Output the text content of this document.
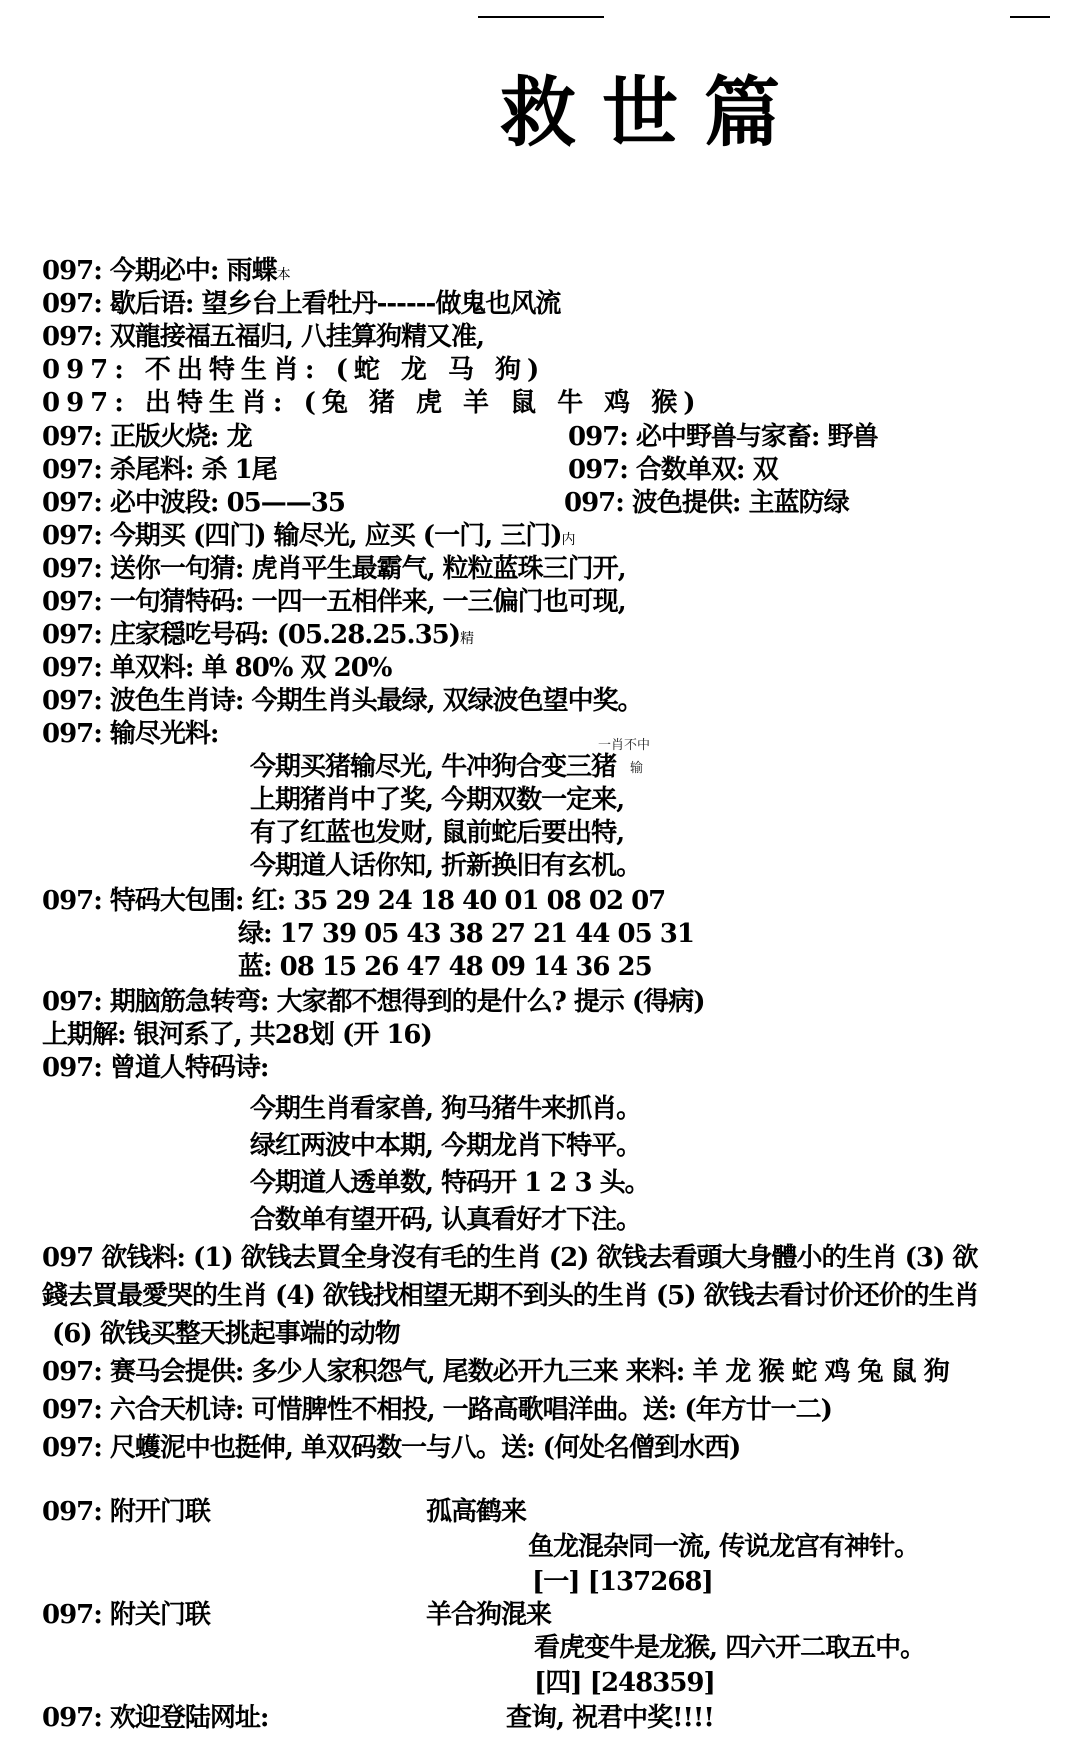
救世篇
097: 今期必中: 雨蝶本
097: 歇后语: 望乡台上看牡丹------做鬼也风流
097: 双龍接福五福归, 八挂算狗精又准,
097: 不出特生肖: (蛇 龙 马 狗)
097: 出特生肖: (兔 猪 虎 羊 鼠 牛 鸡 猴)
097: 正版火烧: 龙	097: 必中野兽与家畜: 野兽
097: 杀尾料: 杀 1尾	097: 合数单双: 双
097: 必中波段: 05——35	097: 波色提供: 主蓝防绿
097: 今期买 (四门) 输尽光, 应买 (一门, 三门)内
097: 送你一句猜: 虎肖平生最霸气, 粒粒蓝珠三门开,
097: 一句猜特码: 一四一五相伴来, 一三偏门也可现,
097: 庄家穏吃号码: (05.28.25.35)精
097: 单双料: 单 80% 双 20%
097: 波色生肖诗: 今期生肖头最绿, 双绿波色望中奖。
097: 输尽光料:	一肖不中
今期买猪输尽光, 牛冲狗合变三猪 输
上期猪肖中了奖, 今期双数一定来,
有了红蓝也发财, 鼠前蛇后要出特,
今期道人话你知, 折新换旧有玄机。
097: 特码大包围: 红: 35 29 24 18 40 01 08 02 07
绿: 17 39 05 43 38 27 21 44 05 31
蓝: 08 15 26 47 48 09 14 36 25
097: 期脑筋急转弯: 大家都不想得到的是什么? 提示 (得病)
上期解: 银河系了, 共28划 (开 16)
097: 曾道人特码诗:
今期生肖看家兽, 狗马猪牛来抓肖。
绿红两波中本期, 今期龙肖下特平。
今期道人透单数, 特码开 1 2 3 头。
合数单有望开码, 认真看好才下注。
097 欲钱料: (1) 欲钱去買全身沒有毛的生肖 (2) 欲钱去看頭大身體小的生肖 (3) 欲
錢去買最愛哭的生肖 (4) 欲钱找相望无期不到头的生肖 (5) 欲钱去看讨价还价的生肖
(6) 欲钱买整天挑起事端的动物
097: 赛马会提供: 多少人家积怨气, 尾数必开九三来 来料: 羊 龙 猴 蛇 鸡 兔 鼠 狗
097: 六合天机诗: 可惜脾性不相投, 一路高歌唱洋曲。送: (年方廿一二)
097: 尺蠖泥中也挺伸, 单双码数一与八。送: (何处名僧到水西)
097: 附开门联	孤高鹤来
鱼龙混杂同一流, 传说龙宫有神针。
[一] [137268]
097: 附关门联	羊合狗混来
看虎变牛是龙猴, 四六开二取五中。
[四] [248359]
097: 欢迎登陆网址:	查询, 祝君中奖!!!!
